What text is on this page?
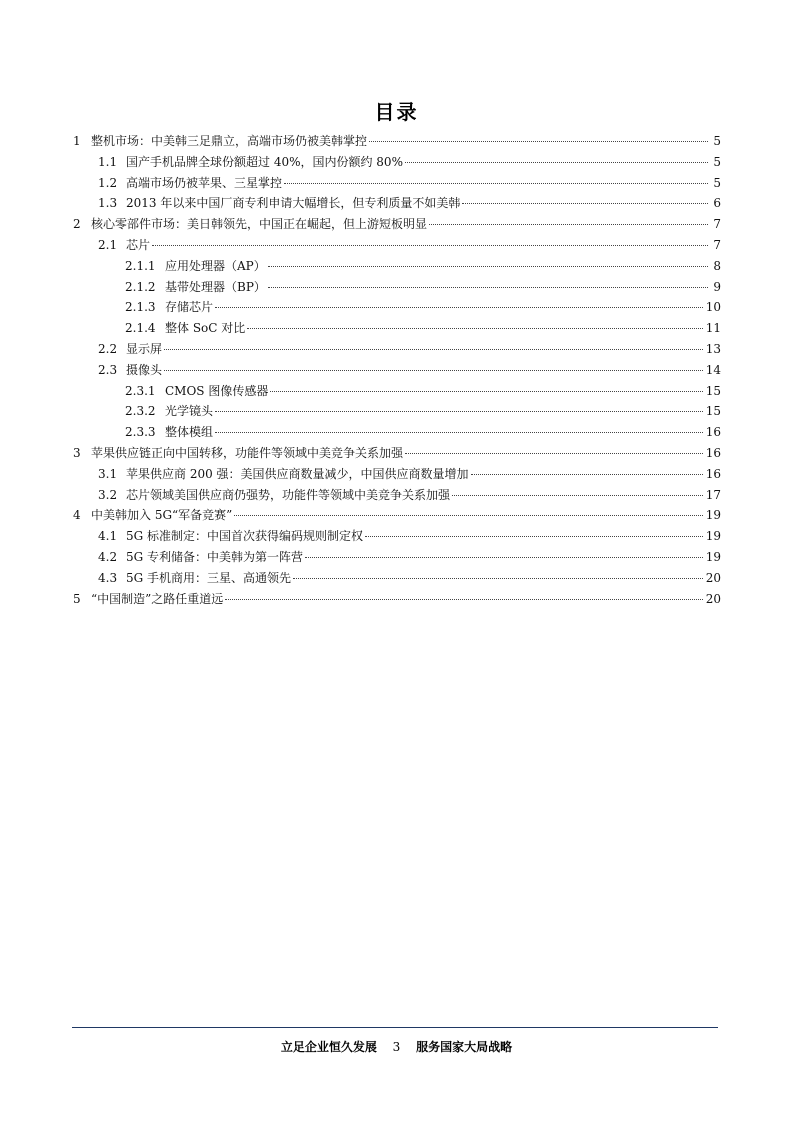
目录
1 整机市场：中美韩三足鼎立，高端市场仍被美韩掌控	5
1.1 国产手机品牌全球份额超过 40%，国内份额约 80%	5
1.2 高端市场仍被苹果、三星掌控	5
1.3 2013 年以来中国厂商专利申请大幅增长，但专利质量不如美韩	6
2 核心零部件市场：美日韩领先，中国正在崛起，但上游短板明显	7
2.1 芯片	7
2.1.1 应用处理器（AP）	8
2.1.2 基带处理器（BP）	9
2.1.3 存储芯片	10
2.1.4 整体 SoC 对比	11
2.2 显示屏	13
2.3 摄像头	14
2.3.1 CMOS 图像传感器	15
2.3.2 光学镜头	15
2.3.3 整体模组	16
3 苹果供应链正向中国转移，功能件等领域中美竞争关系加强	16
3.1 苹果供应商 200 强：美国供应商数量减少，中国供应商数量增加	16
3.2 芯片领域美国供应商仍强势，功能件等领域中美竞争关系加强	17
4 中美韩加入 5G“军备竞赛”	19
4.1 5G 标准制定：中国首次获得编码规则制定权	19
4.2 5G 专利储备：中美韩为第一阵营	19
4.3 5G 手机商用：三星、高通领先	20
5 “中国制造”之路任重道远	20
立足企业恒久发展 3 服务国家大局战略
